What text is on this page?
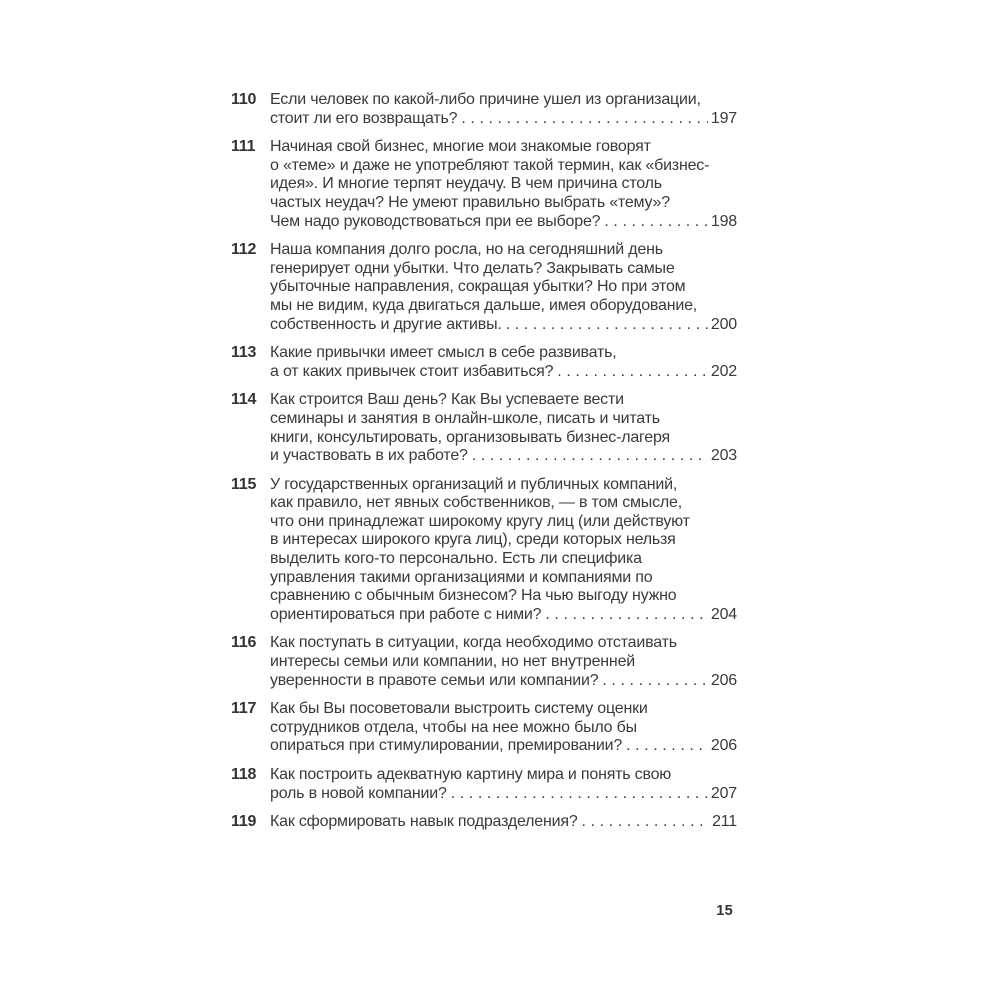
110 Если человек по какой-либо причине ушел из организации,
стоит ли его возвращать? .....	197
111 Начиная свой бизнес, многие мои знакомые говорят
о «теме» и даже не употребляют такой термин, как «бизнес-
идея». И многие терпят неудачу. В чем причина столь
частых неудач? Не умеют правильно выбрать «тему»?
Чем надо руководствоваться при ее выборе? .....	198
112 Наша компания долго росла, но на сегодняшний день
генерирует одни убытки. Что делать? Закрывать самые
убыточные направления, сокращая убытки? Но при этом
мы не видим, куда двигаться дальше, имея оборудование,
собственность и другие активы. .....	200
113 Какие привычки имеет смысл в себе развивать,
а от каких привычек стоит избавиться? .....	202
114 Как строится Ваш день? Как Вы успеваете вести
семинары и занятия в онлайн-школе, писать и читать
книги, консультировать, организовывать бизнес-лагеря
и участвовать в их работе? .....	203
115 У государственных организаций и публичных компаний,
как правило, нет явных собственников, — в том смысле,
что они принадлежат широкому кругу лиц (или действуют
в интересах широкого круга лиц), среди которых нельзя
выделить кого-то персонально. Есть ли специфика
управления такими организациями и компаниями по
сравнению с обычным бизнесом? На чью выгоду нужно
ориентироваться при работе с ними? .....	204
116 Как поступать в ситуации, когда необходимо отстаивать
интересы семьи или компании, но нет внутренней
уверенности в правоте семьи или компании? .....	206
117 Как бы Вы посоветовали выстроить систему оценки
сотрудников отдела, чтобы на нее можно было бы
опираться при стимулировании, премировании? .....	206
118 Как построить адекватную картину мира и понять свою
роль в новой компании? .....	207
119 Как сформировать навык подразделения? .....	211
15
